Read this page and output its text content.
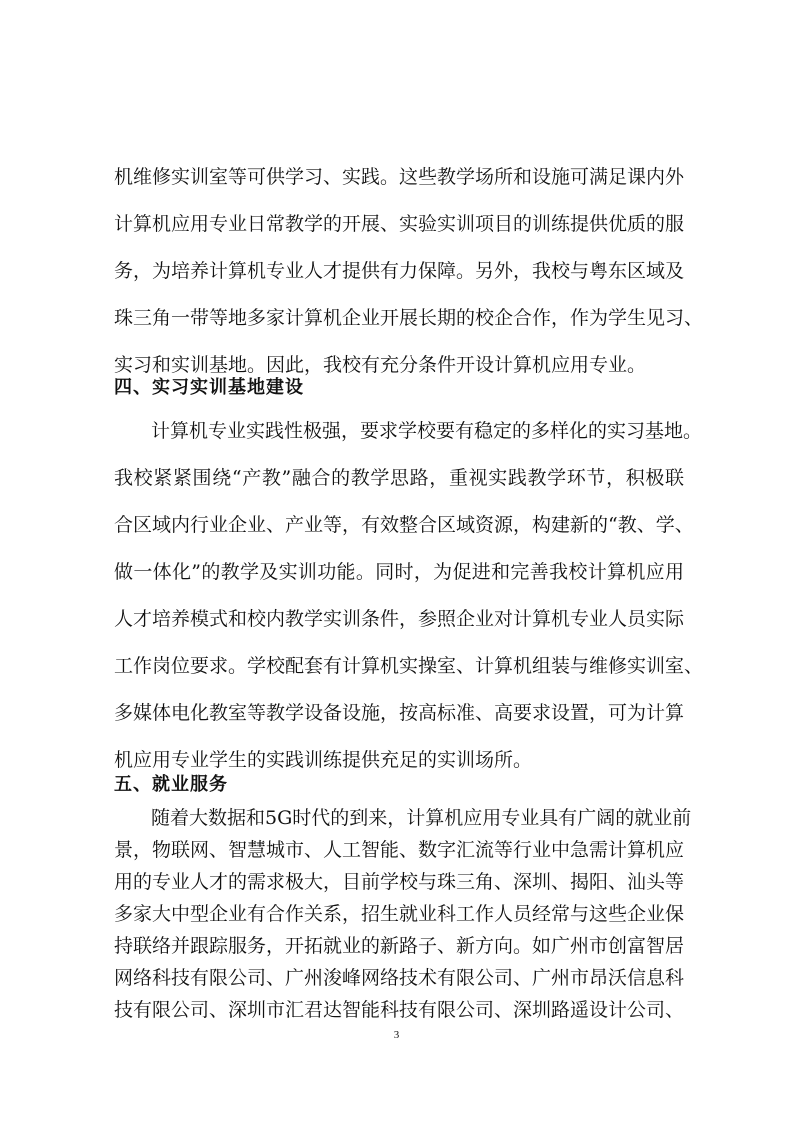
机维修实训室等可供学习、实践。这些教学场所和设施可满足课内外
计算机应用专业日常教学的开展、实验实训项目的训练提供优质的服
务，为培养计算机专业人才提供有力保障。另外，我校与粤东区域及
珠三角一带等地多家计算机企业开展长期的校企合作，作为学生见习、
实习和实训基地。因此，我校有充分条件开设计算机应用专业。
四、实习实训基地建设
计算机专业实践性极强，要求学校要有稳定的多样化的实习基地。
我校紧紧围绕“产教”融合的教学思路，重视实践教学环节，积极联
合区域内行业企业、产业等，有效整合区域资源，构建新的“教、学、
做一体化”的教学及实训功能。同时，为促进和完善我校计算机应用
人才培养模式和校内教学实训条件，参照企业对计算机专业人员实际
工作岗位要求。学校配套有计算机实操室、计算机组装与维修实训室、
多媒体电化教室等教学设备设施，按高标准、高要求设置，可为计算
机应用专业学生的实践训练提供充足的实训场所。
五、就业服务
随着大数据和5G时代的到来，计算机应用专业具有广阔的就业前
景，物联网、智慧城市、人工智能、数字汇流等行业中急需计算机应
用的专业人才的需求极大，目前学校与珠三角、深圳、揭阳、汕头等
多家大中型企业有合作关系，招生就业科工作人员经常与这些企业保
持联络并跟踪服务，开拓就业的新路子、新方向。如广州市创富智居
网络科技有限公司、广州浚峰网络技术有限公司、广州市昂沃信息科
技有限公司、深圳市汇君达智能科技有限公司、深圳路遥设计公司、
3
